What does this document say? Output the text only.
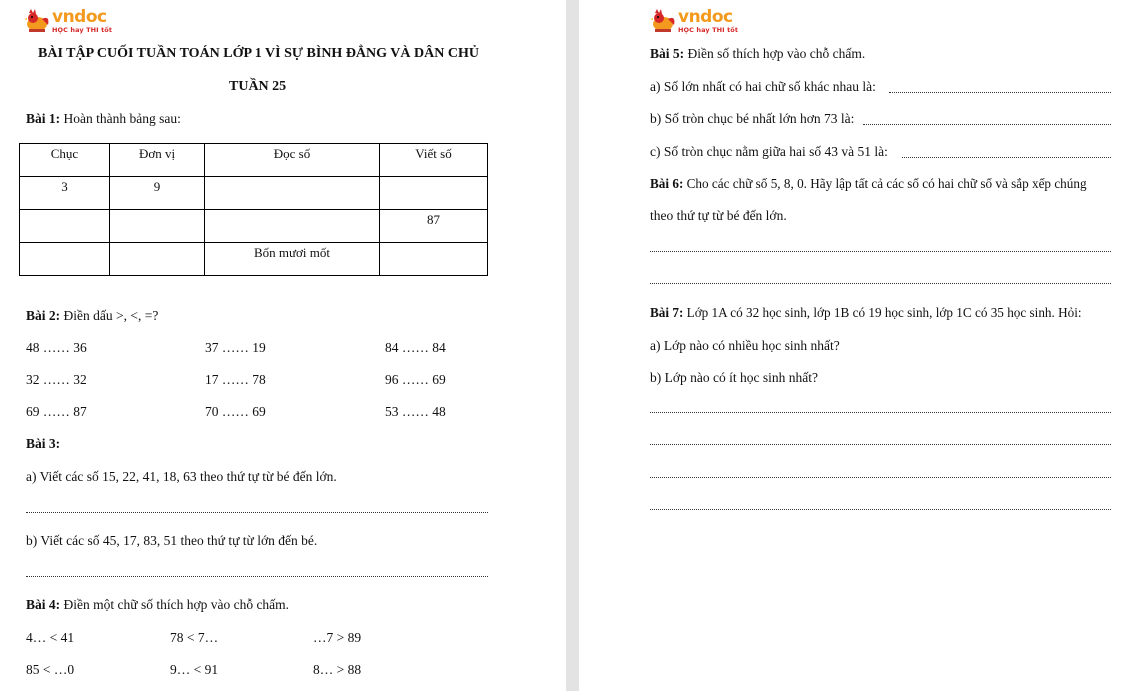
vndoc
HỌC hay THI tốt
BÀI TẬP CUỐI TUẦN TOÁN LỚP 1 VÌ SỰ BÌNH ĐẲNG VÀ DÂN CHỦ
TUẦN 25
Bài 1: Hoàn thành bảng sau:
Chục	Đơn vị	Đọc số	Viết số
3	9		
			87
		Bốn mươi mốt	
Bài 2: Điền dấu >, <, =?
48 …… 36	37 …… 19	84 …… 84
32 …… 32	17 …… 78	96 …… 69
69 …… 87	70 …… 69	53 …… 48
Bài 3:
a) Viết các số 15, 22, 41, 18, 63 theo thứ tự từ bé đến lớn.
b) Viết các số 45, 17, 83, 51 theo thứ tự từ lớn đến bé.
Bài 4: Điền một chữ số thích hợp vào chỗ chấm.
4… < 41	78 < 7…	…7 > 89
85 < …0	9… < 91	8… > 88
vndoc
HỌC hay THI tốt
Bài 5: Điền số thích hợp vào chỗ chấm.
a) Số lớn nhất có hai chữ số khác nhau là:
b) Số tròn chục bé nhất lớn hơn 73 là:
c) Số tròn chục nằm giữa hai số 43 và 51 là:
Bài 6: Cho các chữ số 5, 8, 0. Hãy lập tất cả các số có hai chữ số và sắp xếp chúng
theo thứ tự từ bé đến lớn.
Bài 7: Lớp 1A có 32 học sinh, lớp 1B có 19 học sinh, lớp 1C có 35 học sinh. Hỏi:
a) Lớp nào có nhiều học sinh nhất?
b) Lớp nào có ít học sinh nhất?
